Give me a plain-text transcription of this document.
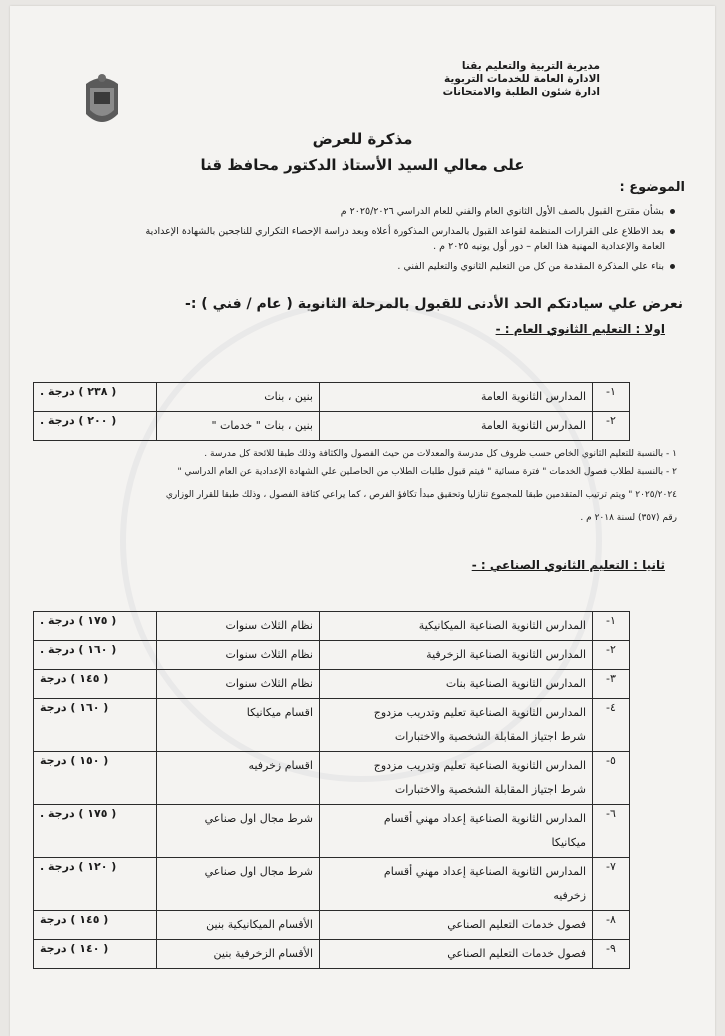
مديرية التربية والتعليم بقنا
الادارة العامة للخدمات التربوية
ادارة شئون الطلبة والامتحانات
مذكرة للعرض
على معالي السيد الأستاذ الدكتور محافظ قنا
الموضوع :
بشأن مقترح القبول بالصف الأول الثانوي العام والفني للعام الدراسي ٢٠٢٥/٢٠٢٦ م
بعد الاطلاع على القرارات المنظمة لقواعد القبول بالمدارس المذكورة أعلاه وبعد دراسة الإحصاء التكراري للناجحين بالشهادة الإعدادية
العامة والإعدادية المهنية هذا العام – دور أول يونيه ٢٠٢٥ م .
بناء علي المذكرة المقدمة من كل من التعليم الثانوي والتعليم الفني .
نعرض علي سيادتكم الحد الأدنى للقبول بالمرحلة الثانوية ( عام / فني ) :-
اولا : التعليم الثانوي العام : -
١-	المدارس الثانوية العامة	بنين ، بنات	( ٢٣٨ ) درجة .
٢-	المدارس الثانوية العامة	بنين ، بنات " خدمات "	( ٢٠٠ ) درجة .
١ - بالنسبة للتعليم الثانوي الخاص حسب ظروف كل مدرسة والمعدلات من حيث الفصول والكثافة وذلك طبقا للائحة كل مدرسة .
٢ - بالنسبة لطلاب فصول الخدمات " فترة مسائية " فيتم قبول طلبات الطلاب من الحاصلين علي الشهادة الإعدادية عن العام الدراسي "
٢٠٢٥/٢٠٢٤ " ويتم ترتيب المتقدمين طبقا للمجموع تنازليا وتحقيق مبدأ تكافؤ الفرص ، كما يراعي كثافة الفصول ، وذلك طبقا للقرار الوزاري
رقم (٣٥٧) لسنة ٢٠١٨ م .
ثانيا : التعليم الثانوي الصناعي : -
١-	المدارس الثانوية الصناعية الميكانيكية	نظام الثلاث سنوات	( ١٧٥ ) درجة .
٢-	المدارس الثانوية الصناعية الزخرفية	نظام الثلاث سنوات	( ١٦٠ ) درجة .
٣-	المدارس الثانوية الصناعية بنات	نظام الثلاث سنوات	( ١٤٥ ) درجة
٤-	المدارس الثانوية الصناعية تعليم وتدريب مزدوج
شرط اجتياز المقابلة الشخصية والاختبارات	اقسام ميكانيكا	( ١٦٠ ) درجة
٥-	المدارس الثانوية الصناعية تعليم وتدريب مزدوج
شرط اجتياز المقابلة الشخصية والاختبارات	اقسام زخرفيه	( ١٥٠ ) درجة
٦-	المدارس الثانوية الصناعية إعداد مهني أقسام
ميكانيكا	شرط مجال اول صناعي	( ١٧٥ ) درجة .
٧-	المدارس الثانوية الصناعية إعداد مهني أقسام
زخرفيه	شرط مجال اول صناعي	( ١٢٠ ) درجة .
٨-	فصول خدمات التعليم الصناعي	الأقسام الميكانيكية بنين	( ١٤٥ ) درجة
٩-	فصول خدمات التعليم الصناعي	الأقسام الزخرفية بنين	( ١٤٠ ) درجة
